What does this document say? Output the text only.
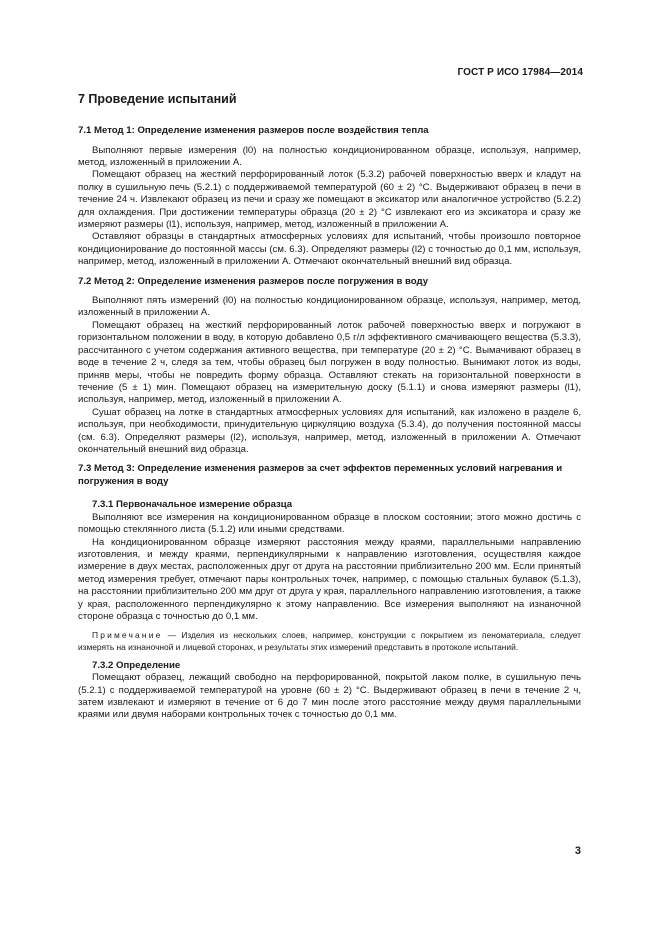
ГОСТ Р ИСО 17984—2014
7 Проведение испытаний
7.1 Метод 1: Определение изменения размеров после воздействия тепла

Выполняют первые измерения (l0) на полностью кондиционированном образце, используя, например, метод, изложенный в приложении А.

Помещают образец на жесткий перфорированный лоток (5.3.2) рабочей поверхностью вверх и кладут на полку в сушильную печь (5.2.1) с поддерживаемой температурой (60 ± 2) °С. Выдерживают образец в печи в течение 24 ч. Извлекают образец из печи и сразу же помещают в эксикатор или аналогичное устройство (5.2.2) для охлаждения. При достижении температуры образца (20 ± 2) °С извлекают его из эксикатора и сразу же измеряют размеры (l1), используя, например, метод, изложенный в приложении А.

Оставляют образцы в стандартных атмосферных условиях для испытаний, чтобы произошло повторное кондиционирование до постоянной массы (см. 6.3). Определяют размеры (l2) с точностью до 0,1 мм, используя, например, метод, изложенный в приложении А. Отмечают окончательный внешний вид образца.

7.2 Метод 2: Определение изменения размеров после погружения в воду

Выполняют пять измерений (l0) на полностью кондиционированном образце, используя, например, метод, изложенный в приложении А.

Помещают образец на жесткий перфорированный лоток рабочей поверхностью вверх и погружают в горизонтальном положении в воду, в которую добавлено 0,5 г/л эффективного смачивающего вещества (5.3.3), рассчитанного с учетом содержания активного вещества, при температуре (20 ± 2) °С. Вымачивают образец в воде в течение 2 ч, следя за тем, чтобы образец был погружен в воду полностью. Вынимают лоток из воды, приняв меры, чтобы не повредить форму образца. Оставляют стекать на горизонтальной поверхности в течение (5 ± 1) мин. Помещают образец на измерительную доску (5.1.1) и снова измеряют размеры (l1), используя, например, метод, изложенный в приложении А.

Сушат образец на лотке в стандартных атмосферных условиях для испытаний, как изложено в разделе 6, используя, при необходимости, принудительную циркуляцию воздуха (5.3.4), до получения постоянной массы (см. 6.3). Определяют размеры (l2), используя, например, метод, изложенный в приложении А. Отмечают окончательный внешний вид образца.

7.3 Метод 3: Определение изменения размеров за счет эффектов переменных условий нагревания и погружения в воду
7.3.1 Первоначальное измерение образца

Выполняют все измерения на кондиционированном образце в плоском состоянии; этого можно достичь с помощью стеклянного листа (5.1.2) или иными средствами.

На кондиционированном образце измеряют расстояния между краями, параллельными направлению изготовления, и между краями, перпендикулярными к направлению изготовления, осуществляя каждое измерение в двух местах, расположенных друг от друга на расстоянии приблизительно 200 мм. Если принятый метод измерения требует, отмечают пары контрольных точек, например, с помощью стальных булавок (5.1.3), на расстоянии приблизительно 200 мм друг от друга у края, параллельного направлению изготовления, а также у края, расположенного перпендикулярно к этому направлению. Все измерения выполняют на изнаночной стороне образца с точностью до 0,1 мм.

Примечание — Изделия из нескольких слоев, например, конструкции с покрытием из пеноматериала, следует измерять на изнаночной и лицевой сторонах, и результаты этих измерений представить в протоколе испытаний.

7.3.2 Определение

Помещают образец, лежащий свободно на перфорированной, покрытой лаком полке, в сушильную печь (5.2.1) с поддерживаемой температурой на уровне (60 ± 2) °С. Выдерживают образец в печи в течение 2 ч, затем извлекают и измеряют в течение от 6 до 7 мин после этого расстояние между двумя параллельными краями или двумя наборами контрольных точек с точностью до 0,1 мм.

3
